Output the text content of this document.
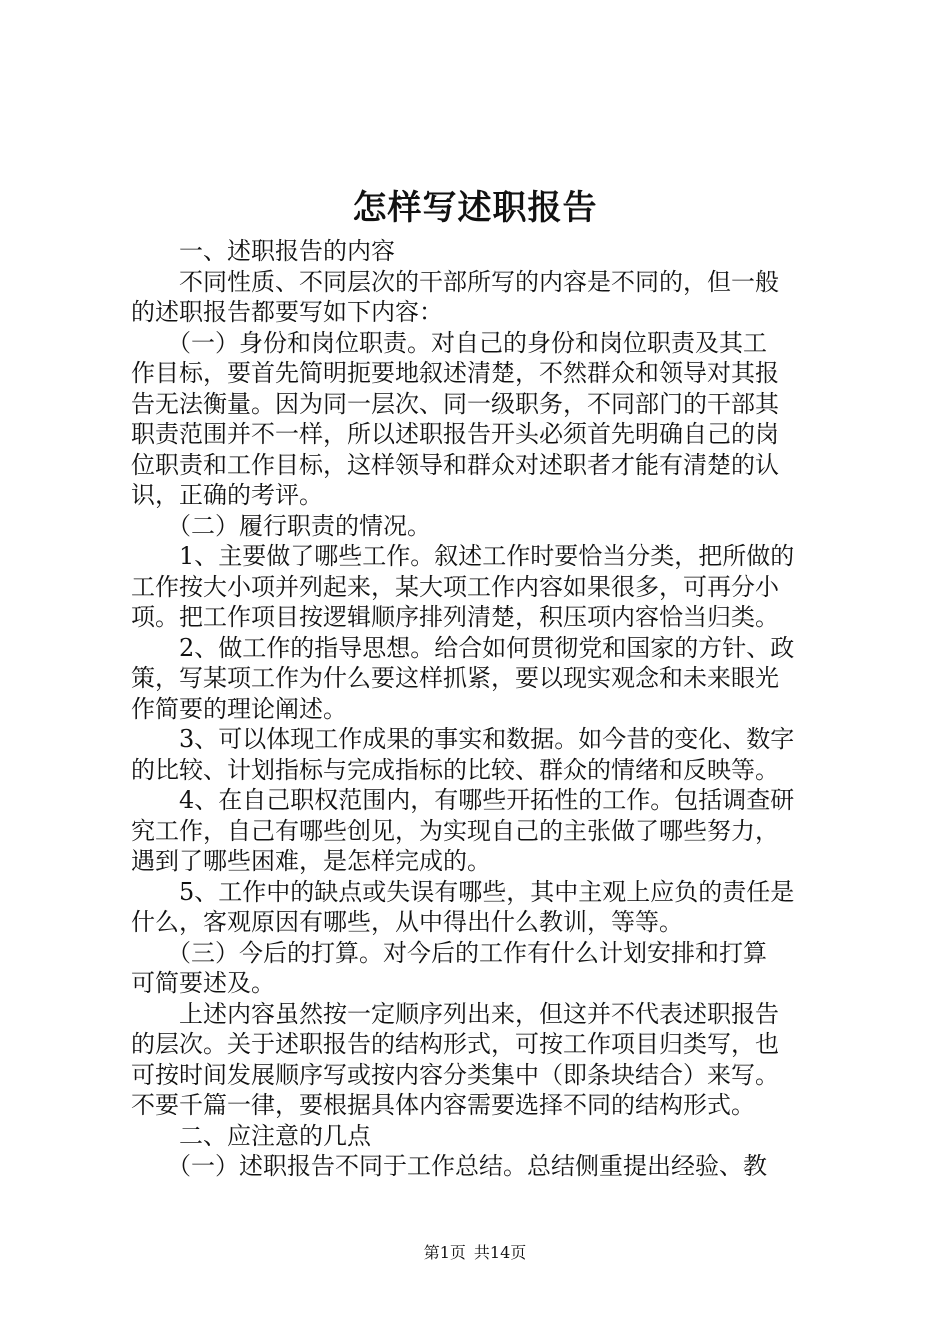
怎样写述职报告

　　一、述职报告的内容

　　不同性质、不同层次的干部所写的内容是不同的，但一般

的述职报告都要写如下内容：

　　（一）身份和岗位职责。对自己的身份和岗位职责及其工

作目标，要首先简明扼要地叙述清楚，不然群众和领导对其报

告无法衡量。因为同一层次、同一级职务，不同部门的干部其

职责范围并不一样，所以述职报告开头必须首先明确自己的岗

位职责和工作目标，这样领导和群众对述职者才能有清楚的认

识，正确的考评。

　　（二）履行职责的情况。

　　1、主要做了哪些工作。叙述工作时要恰当分类，把所做的

工作按大小项并列起来，某大项工作内容如果很多，可再分小

项。把工作项目按逻辑顺序排列清楚，积压项内容恰当归类。

　　2、做工作的指导思想。给合如何贯彻党和国家的方针、政

策，写某项工作为什么要这样抓紧，要以现实观念和未来眼光

作简要的理论阐述。

　　3、可以体现工作成果的事实和数据。如今昔的变化、数字

的比较、计划指标与完成指标的比较、群众的情绪和反映等。

　　4、在自己职权范围内，有哪些开拓性的工作。包括调查研

究工作，自己有哪些创见，为实现自己的主张做了哪些努力，

遇到了哪些困难，是怎样完成的。

　　5、工作中的缺点或失误有哪些，其中主观上应负的责任是

什么，客观原因有哪些，从中得出什么教训，等等。

　　（三）今后的打算。对今后的工作有什么计划安排和打算

可简要述及。

　　上述内容虽然按一定顺序列出来，但这并不代表述职报告

的层次。关于述职报告的结构形式，可按工作项目归类写，也

可按时间发展顺序写或按内容分类集中（即条块结合）来写。

不要千篇一律，要根据具体内容需要选择不同的结构形式。

　　二、应注意的几点

　　（一）述职报告不同于工作总结。总结侧重提出经验、教

第1页 共14页
